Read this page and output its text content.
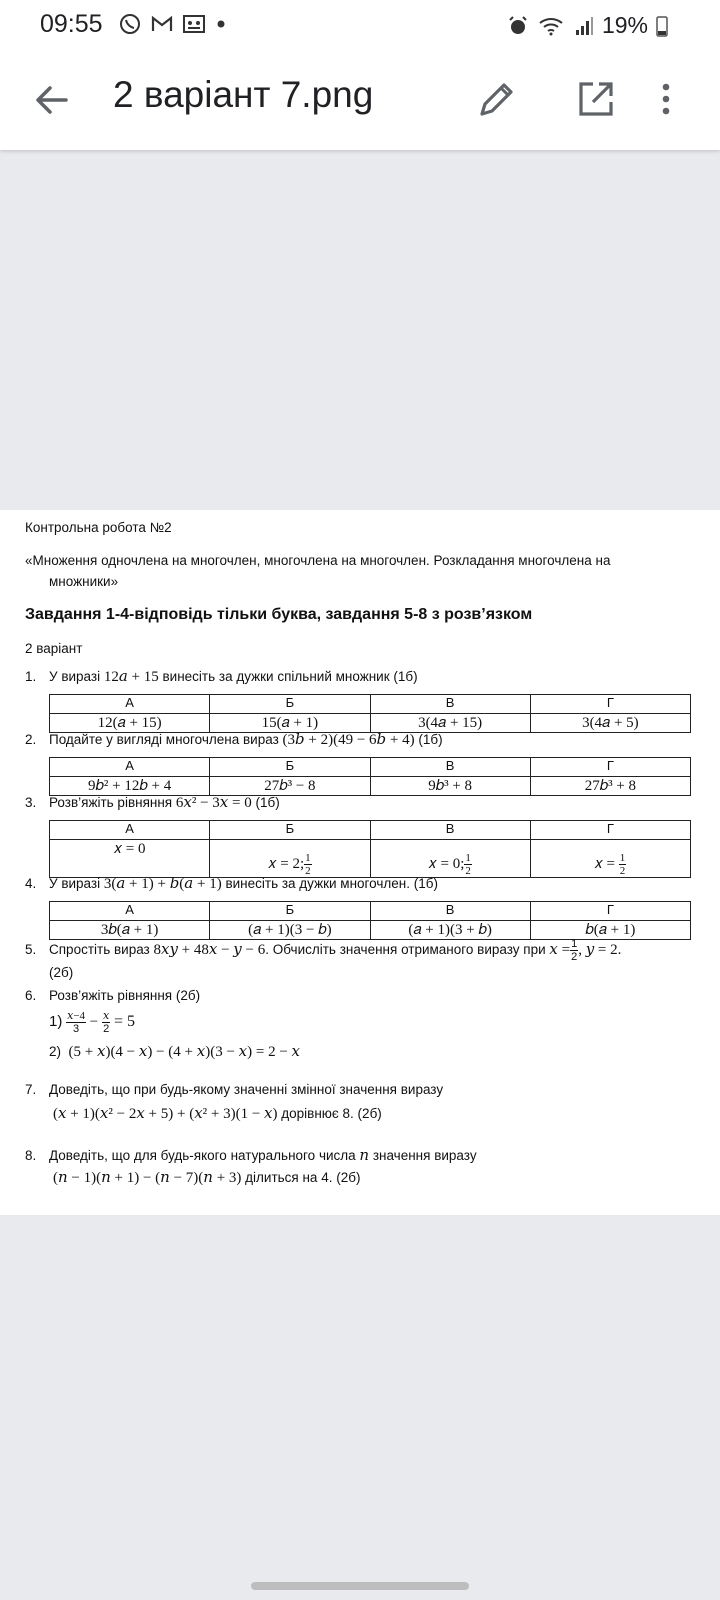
09:55	19%
2 варіант 7.png
Контрольна робота №2
«Множення одночлена на многочлен, многочлена на многочлен. Розкладання многочлена на
множники»
Завдання 1-4-відповідь тільки буква, завдання 5-8 з розв’язком
2 варіант
1. У виразі 12𝑎 + 15 винесіть за дужки спільний множник (1б)
А	Б	В	Г
12(𝑎 + 15)	15(𝑎 + 1)	3(4𝑎 + 15)	3(4𝑎 + 5)
2. Подайте у вигляді многочлена вираз (3𝑏 + 2)(49 − 6𝑏 + 4) (1б)
А	Б	В	Г
9𝑏² + 12𝑏 + 4	27𝑏³ − 8	9𝑏³ + 8	27𝑏³ + 8
3. Розв’яжіть рівняння 6𝑥² − 3𝑥 = 0 (1б)
А	Б	В	Г
𝑥 = 0	𝑥 = 2; $\frac{1}{2}$	𝑥 = 0; $\frac{1}{2}$	𝑥 = $\frac{1}{2}$
4. У виразі 3(𝑎 + 1) + 𝑏(𝑎 + 1) винесіть за дужки многочлен. (1б)
А	Б	В	Г
3𝑏(𝑎 + 1)	(𝑎 + 1)(3 − 𝑏)	(𝑎 + 1)(3 + 𝑏)	𝑏(𝑎 + 1)
5. Спростіть вираз 8𝑥𝑦 + 48𝑥 − 𝑦 − 6. Обчисліть значення отриманого виразу при 𝑥 = $\frac{1}{2}$ , 𝑦 = 2.
(2б)
6. Розв’яжіть рівняння (2б)
$1) \frac{\text{𝑥−4}}{3} - \frac{\text{𝑥}}{2} = 5$
2) (5 + 𝑥)(4 − 𝑥) − (4 + 𝑥)(3 − 𝑥) = 2 − 𝑥
7. Доведіть, що при будь-якому значенні змінної значення виразу
(𝑥 + 1)(𝑥² − 2𝑥 + 5) + (𝑥² + 3)(1 − 𝑥) дорівнює 8. (2б)
8. Доведіть, що для будь-якого натурального числа 𝑛 значення виразу
(𝑛 − 1)(𝑛 + 1) − (𝑛 − 7)(𝑛 + 3) ділиться на 4. (2б)
